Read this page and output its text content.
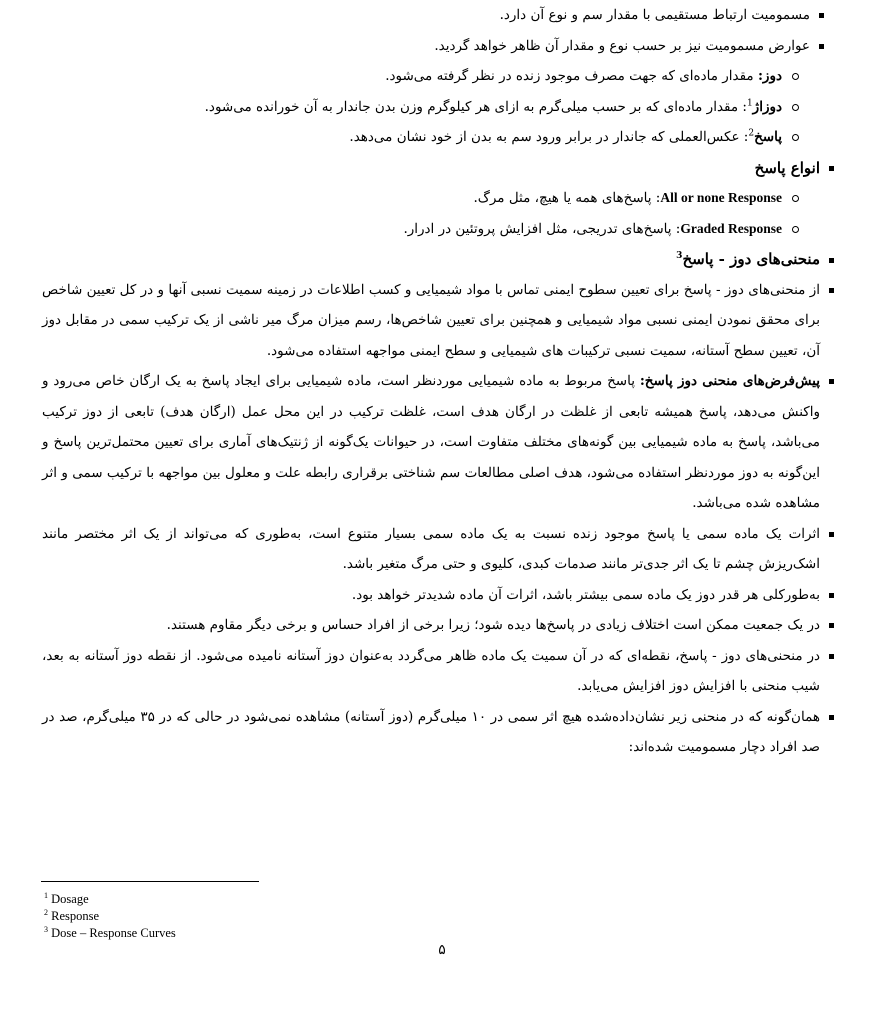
مسمومیت ارتباط مستقیمی با مقدار سم و نوع آن دارد.
عوارض مسمومیت نیز بر حسب نوع و مقدار آن ظاهر خواهد گردید.
دوز: مقدار ماده‌ای که جهت مصرف موجود زنده در نظر گرفته می‌شود.
دوزاژ$^1$: مقدار ماده‌ای که بر حسب میلی‌گرم به ازای هر کیلوگرم وزن بدن جاندار به آن خورانده می‌شود.
پاسخ$^2$: عکس‌العملی که جاندار در برابر ورود سم به بدن از خود نشان می‌دهد.
انواع پاسخ
All or none Response: پاسخ‌های همه یا هیچ، مثل مرگ.
Graded Response: پاسخ‌های تدریجی، مثل افزایش پروتئین در ادرار.
منحنی‌های دوز - پاسخ$^3$
از منحنی‌های دوز - پاسخ برای تعیین سطوح ایمنی تماس با مواد شیمیایی و کسب اطلاعات در زمینه سمیت نسبی آنها و در کل تعیین شاخص برای محقق نمودن ایمنی نسبی مواد شیمیایی و همچنین برای تعیین شاخص‌ها، رسم میزان مرگ میر ناشی از یک ترکیب سمی در مقابل دوز آن، تعیین سطح آستانه، سمیت نسبی ترکیبات های شیمیایی و سطح ایمنی مواجهه استفاده می‌شود.
پیش‌فرض‌های منحنی دوز پاسخ: پاسخ مربوط به ماده شیمیایی موردنظر است، ماده شیمیایی برای ایجاد پاسخ به یک ارگان خاص می‌رود و واکنش می‌دهد، پاسخ همیشه تابعی از غلظت در ارگان هدف است، غلظت ترکیب در این محل عمل (ارگان هدف) تابعی از دوز ترکیب می‌باشد، پاسخ به ماده شیمیایی بین گونه‌های مختلف متفاوت است، در حیوانات یک‌گونه از ژنتیک‌های آماری برای تعیین محتمل‌ترین پاسخ و این‌گونه به دوز موردنظر استفاده می‌شود، هدف اصلی مطالعات سم شناختی برقراری رابطه علت و معلول بین مواجهه با ترکیب سمی و اثر مشاهده شده می‌باشد.
اثرات یک ماده سمی یا پاسخ موجود زنده نسبت به یک ماده سمی بسیار متنوع است، به‌طوری که می‌تواند از یک اثر مختصر مانند اشک‌ریزش چشم تا یک اثر جدی‌تر مانند صدمات کبدی، کلیوی و حتی مرگ متغیر باشد.
به‌طورکلی هر قدر دوز یک ماده سمی بیشتر باشد، اثرات آن ماده شدیدتر خواهد بود.
در یک جمعیت ممکن است اختلاف زیادی در پاسخ‌ها دیده شود؛ زیرا برخی از افراد حساس و برخی دیگر مقاوم هستند.
در منحنی‌های دوز - پاسخ، نقطه‌ای که در آن سمیت یک ماده ظاهر می‌گردد به‌عنوان دوز آستانه نامیده می‌شود. از نقطه دوز آستانه به بعد، شیب منحنی با افزایش دوز افزایش می‌یابد.
همان‌گونه که در منحنی زیر نشان‌داده‌شده هیچ اثر سمی در ۱۰ میلی‌گرم (دوز آستانه) مشاهده نمی‌شود در حالی که در ۳۵ میلی‌گرم، صد در صد افراد دچار مسمومیت شده‌اند:
$^1$ Dosage
$^2$ Response
$^3$ Dose – Response Curves
۵
